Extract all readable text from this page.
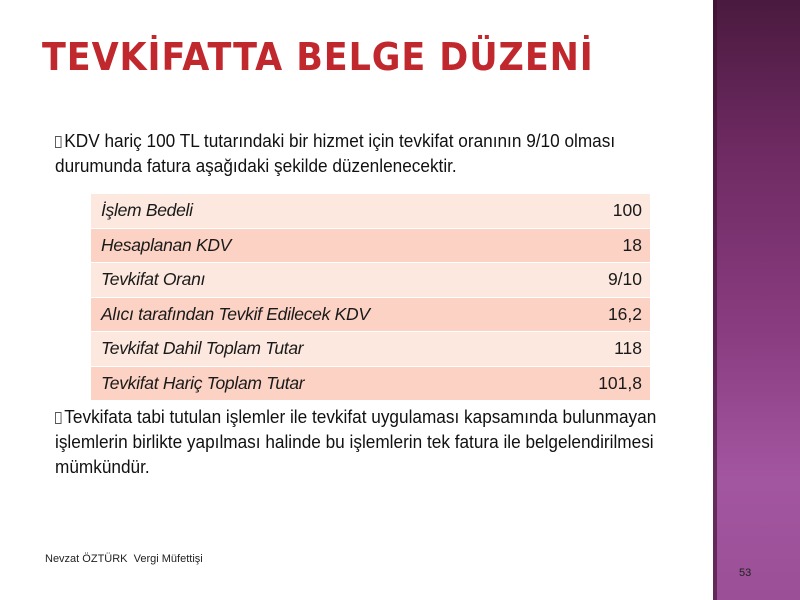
TEVKİFATTA BELGE DÜZENİ
KDV hariç 100 TL tutarındaki bir hizmet için tevkifat oranının 9/10 olması durumunda fatura aşağıdaki şekilde düzenlenecektir.
İşlem Bedeli	100
Hesaplanan KDV	18
Tevkifat Oranı	9/10
Alıcı tarafından Tevkif Edilecek KDV	16,2
Tevkifat Dahil Toplam Tutar	118
Tevkifat Hariç Toplam Tutar	101,8
Tevkifata tabi tutulan işlemler ile tevkifat uygulaması kapsamında bulunmayan işlemlerin birlikte yapılması halinde bu işlemlerin tek fatura ile belgelendirilmesi mümkündür.
Nevzat ÖZTÜRK  Vergi Müfettişi
53
